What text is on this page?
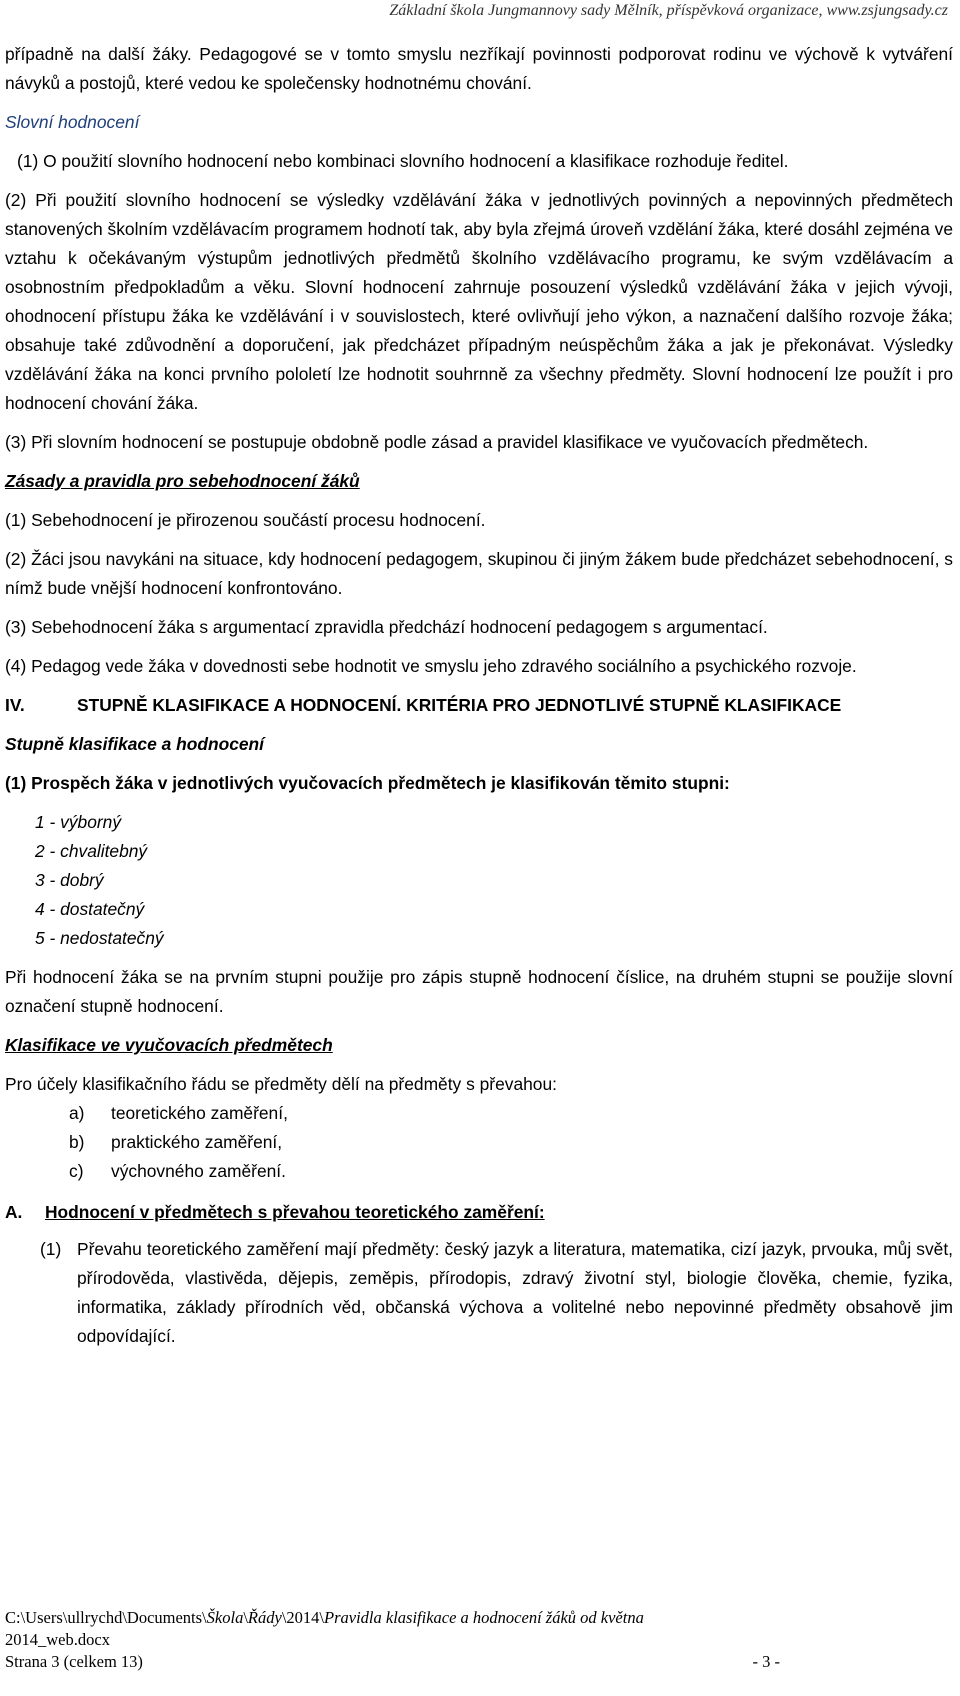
Základní škola Jungmannovy sady Mělník, příspěvková organizace, www.zsjungsady.cz

případně na další žáky. Pedagogové se v tomto smyslu nezříkají povinnosti podporovat rodinu ve výchově k vytváření návyků a postojů, které vedou ke společensky hodnotnému chování.

Slovní hodnocení

(1) O použití slovního hodnocení nebo kombinaci slovního hodnocení a klasifikace rozhoduje ředitel.

(2) Při použití slovního hodnocení se výsledky vzdělávání žáka v jednotlivých povinných a nepovinných předmětech stanovených školním vzdělávacím programem hodnotí tak, aby byla zřejmá úroveň vzdělání žáka, které dosáhl zejména ve vztahu k očekávaným výstupům jednotlivých předmětů školního vzdělávacího programu, ke svým vzdělávacím a osobnostním předpokladům a věku. Slovní hodnocení zahrnuje posouzení výsledků vzdělávání žáka v jejich vývoji, ohodnocení přístupu žáka ke vzdělávání i v souvislostech, které ovlivňují jeho výkon, a naznačení dalšího rozvoje žáka; obsahuje také zdůvodnění a doporučení, jak předcházet případným neúspěchům žáka a jak je překonávat. Výsledky vzdělávání žáka na konci prvního pololetí lze hodnotit souhrnně za všechny předměty. Slovní hodnocení lze použít i pro hodnocení chování žáka.

(3) Při slovním hodnocení se postupuje obdobně podle zásad a pravidel klasifikace ve vyučovacích předmětech.

Zásady a pravidla pro sebehodnocení žáků

(1) Sebehodnocení je přirozenou součástí procesu hodnocení.

(2) Žáci jsou navykáni na situace, kdy hodnocení pedagogem, skupinou či jiným žákem bude předcházet sebehodnocení, s nímž bude vnější hodnocení konfrontováno.

(3) Sebehodnocení žáka s argumentací zpravidla předchází hodnocení pedagogem s argumentací.

(4) Pedagog vede žáka v dovednosti sebe hodnotit ve smyslu jeho zdravého sociálního a psychického rozvoje.

IV.	STUPNĚ KLASIFIKACE A HODNOCENÍ. KRITÉRIA PRO JEDNOTLIVÉ STUPNĚ KLASIFIKACE

Stupně klasifikace a hodnocení

(1) Prospěch žáka v jednotlivých vyučovacích předmětech je klasifikován těmito stupni:

1 - výborný
2 - chvalitebný
3 - dobrý
4 - dostatečný
5 - nedostatečný

Při hodnocení žáka se na prvním stupni použije pro zápis stupně hodnocení číslice, na druhém stupni se použije slovní označení stupně hodnocení.

Klasifikace ve vyučovacích předmětech

Pro účely klasifikačního řádu se předměty dělí na předměty s převahou:

a)	teoretického zaměření,
b)	praktického zaměření,
c)	výchovného zaměření.
A.	Hodnocení v předmětech s převahou teoretického zaměření:
(1) Převahu teoretického zaměření mají předměty: český jazyk a literatura, matematika, cizí jazyk, prvouka, můj svět, přírodověda, vlastivěda, dějepis, zeměpis, přírodopis, zdravý životní styl, biologie člověka, chemie, fyzika, informatika, základy přírodních věd, občanská výchova a volitelné nebo nepovinné předměty obsahově jim odpovídající.
C:\Users\ullrychd\Documents\Škola\Řády\2014\Pravidla klasifikace a hodnocení žáků od května
2014_web.docx
Strana 3 (celkem 13)	- 3 -
